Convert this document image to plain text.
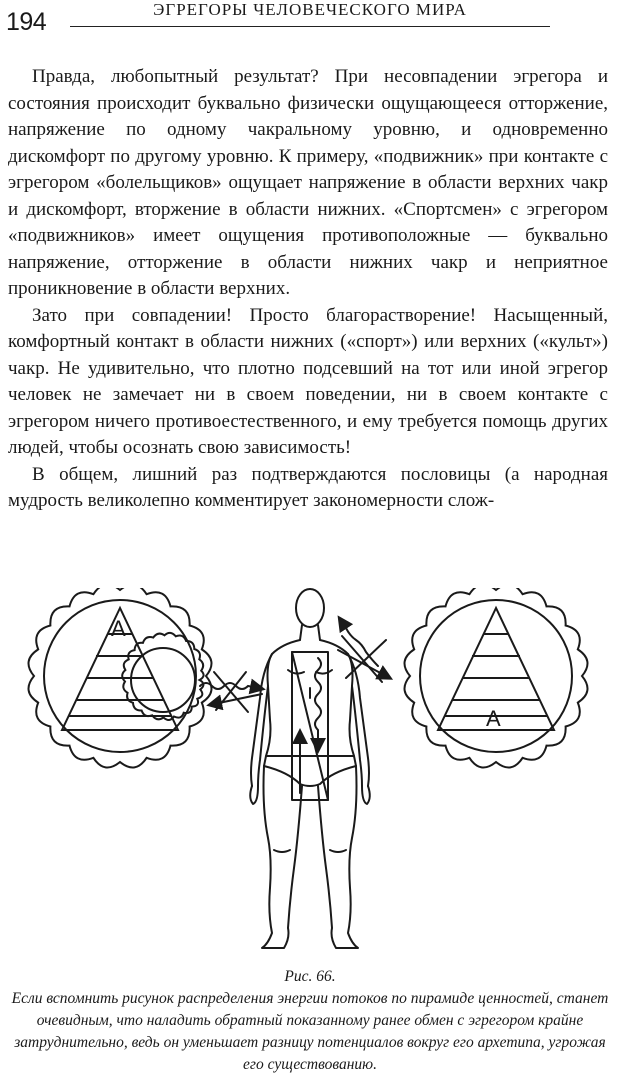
194	ЭГРЕГОРЫ ЧЕЛОВЕЧЕСКОГО МИРА

Правда, любопытный результат? При несовпадении эгрегора и состояния происходит буквально физически ощущающееся отторжение, напряжение по одному чакральному уровню, и одновременно дискомфорт по другому уровню. К примеру, «подвижник» при контакте с эгрегором «болельщиков» ощущает напряжение в области верхних чакр и дискомфорт, вторжение в области нижних. «Спортсмен» с эгрегором «подвижников» имеет ощущения противоположные — буквально напряжение, отторжение в области нижних чакр и неприятное проникновение в области верхних.

Зато при совпадении! Просто благорастворение! Насыщенный, комфортный контакт в области нижних («спорт») или верхних («культ») чакр. Не удивительно, что плотно подсевший на тот или иной эгрегор человек не замечает ни в своем поведении, ни в своем контакте с эгрегором ничего противоестественного, и ему требуется помощь других людей, чтобы осознать свою зависимость!

В общем, лишний раз подтверждаются пословицы (а народная мудрость великолепно комментирует закономерности слож-

A
A
Рис. 66.
Если вспомнить рисунок распределения энергии потоков по пирамиде ценностей, станет очевидным, что наладить обратный показанному ранее обмен с эгрегором крайне затруднительно, ведь он уменьшает разницу потенциалов вокруг его архетипа, угрожая его существованию.
